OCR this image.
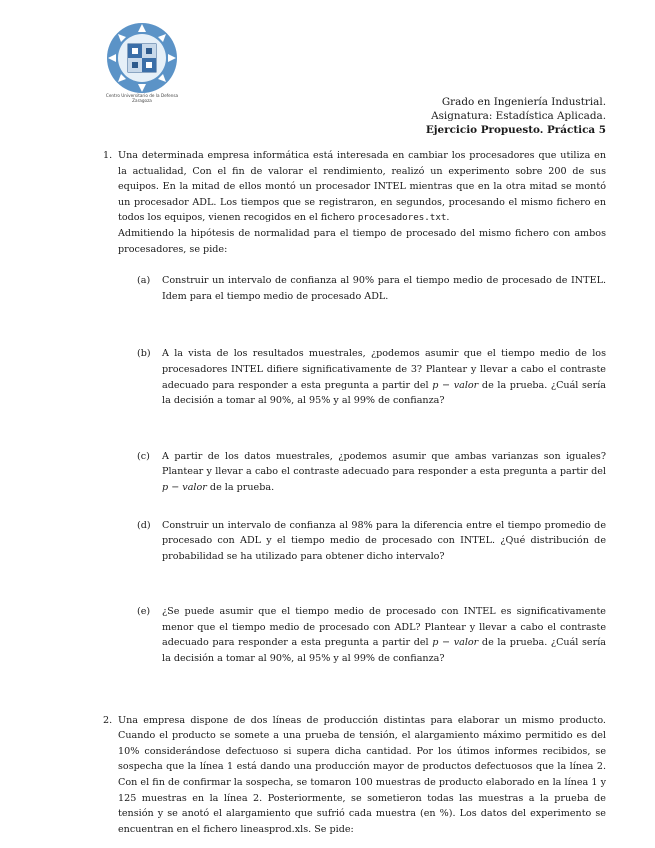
Centro Universitario de la Defensa Zaragoza	Grado en Ingeniería Industrial.
Asignatura: Estadística Aplicada.
Ejercicio Propuesto. Práctica 5
1. Una determinada empresa informática está interesada en cambiar los procesadores que utiliza en la actualidad, Con el fin de valorar el rendimiento, realizó un experimento sobre 200 de sus equipos. En la mitad de ellos montó un procesador INTEL mientras que en la otra mitad se montó un procesador ADL. Los tiempos que se registraron, en segundos, procesando el mismo fichero en todos los equipos, vienen recogidos en el fichero procesadores.txt.
Admitiendo la hipótesis de normalidad para el tiempo de procesado del mismo fichero con ambos procesadores, se pide:
(a) Construir un intervalo de confianza al 90% para el tiempo medio de procesado de INTEL. Idem para el tiempo medio de procesado ADL.
(b) A la vista de los resultados muestrales, ¿podemos asumir que el tiempo medio de los procesadores INTEL difiere significativamente de 3? Plantear y llevar a cabo el contraste adecuado para responder a esta pregunta a partir del p − valor de la prueba. ¿Cuál sería la decisión a tomar al 90%, al 95% y al 99% de confianza?
(c) A partir de los datos muestrales, ¿podemos asumir que ambas varianzas son iguales? Plantear y llevar a cabo el contraste adecuado para responder a esta pregunta a partir del p − valor de la prueba.
(d) Construir un intervalo de confianza al 98% para la diferencia entre el tiempo promedio de procesado con ADL y el tiempo medio de procesado con INTEL. ¿Qué distribución de probabilidad se ha utilizado para obtener dicho intervalo?
(e) ¿Se puede asumir que el tiempo medio de procesado con INTEL es significativamente menor que el tiempo medio de procesado con ADL? Plantear y llevar a cabo el contraste adecuado para responder a esta pregunta a partir del p − valor de la prueba. ¿Cuál sería la decisión a tomar al 90%, al 95% y al 99% de confianza?
2. Una empresa dispone de dos líneas de producción distintas para elaborar un mismo producto. Cuando el producto se somete a una prueba de tensión, el alargamiento máximo permitido es del 10% considerándose defectuoso si supera dicha cantidad. Por los útimos informes recibidos, se sospecha que la línea 1 está dando una producción mayor de productos defectuosos que la línea 2. Con el fin de confirmar la sospecha, se tomaron 100 muestras de producto elaborado en la línea 1 y 125 muestras en la línea 2. Posteriormente, se sometieron todas las muestras a la prueba de tensión y se anotó el alargamiento que sufrió cada muestra (en %). Los datos del experimento se encuentran en el fichero lineasprod.xls. Se pide:
